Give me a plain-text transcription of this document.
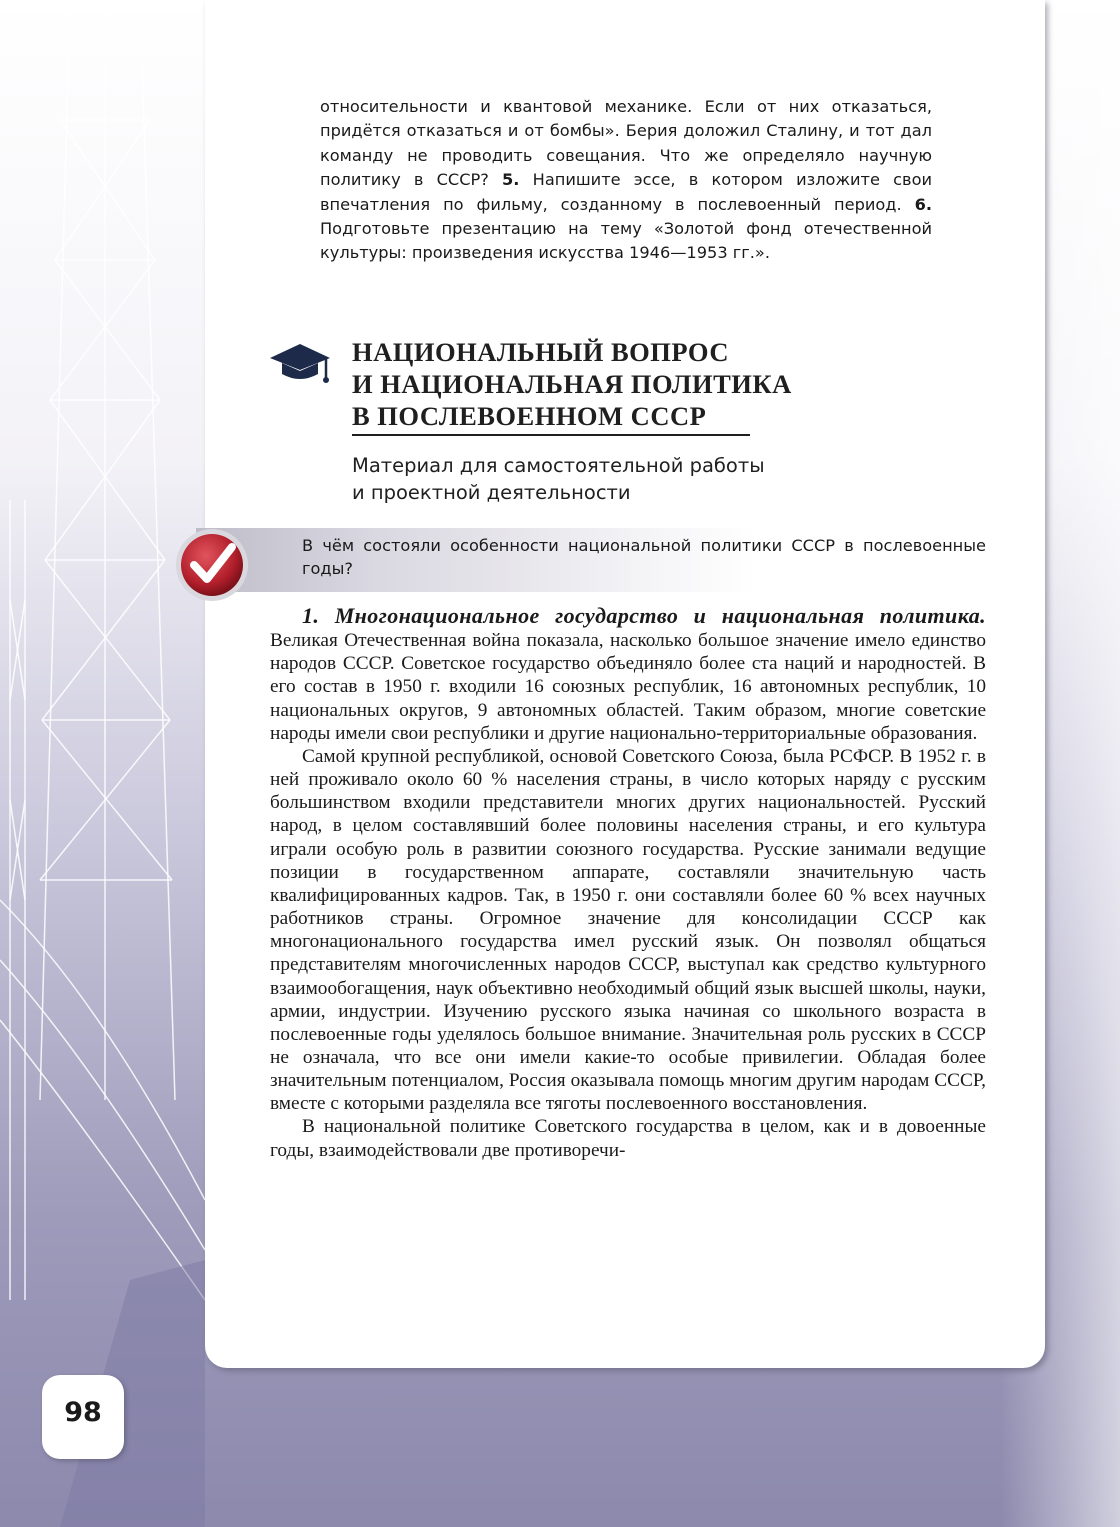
относительности и квантовой механике. Если от них отказаться, придётся отказаться и от бомбы». Берия доложил Сталину, и тот дал команду не проводить совещания. Что же определяло научную политику в СССР? 5. Напишите эссе, в котором изложите свои впечатления по фильму, созданному в послевоенный период. 6. Подготовьте презентацию на тему «Золотой фонд отечественной культуры: произведения искусства 1946—1953 гг.».

НАЦИОНАЛЬНЫЙ ВОПРОС
И НАЦИОНАЛЬНАЯ ПОЛИТИКА
В ПОСЛЕВОЕННОМ СССР

Материал для самостоятельной работы
и проектной деятельности

В чём состояли особенности национальной политики СССР в послевоенные годы?

1. Многонациональное государство и национальная политика. Великая Отечественная война показала, насколько большое значение имело единство народов СССР. Советское государство объединяло более ста наций и народностей. В его состав в 1950 г. входили 16 союзных республик, 16 автономных республик, 10 национальных округов, 9 автономных областей. Таким образом, многие советские народы имели свои республики и другие национально-территориальные образования.

Самой крупной республикой, основой Советского Союза, была РСФСР. В 1952 г. в ней проживало около 60 % населения страны, в число которых наряду с русским большинством входили представители многих других национальностей. Русский народ, в целом составлявший более половины населения страны, и его культура играли особую роль в развитии союзного государства. Русские занимали ведущие позиции в государственном аппарате, составляли значительную часть квалифицированных кадров. Так, в 1950 г. они составляли более 60 % всех научных работников страны. Огромное значение для консолидации СССР как многонационального государства имел русский язык. Он позволял общаться представителям многочисленных народов СССР, выступал как средство культурного взаимообогащения, наук объективно необходимый общий язык высшей школы, науки, армии, индустрии. Изучению русского языка начиная со школьного возраста в послевоенные годы уделялось большое внимание. Значительная роль русских в СССР не означала, что все они имели какие-то особые привилегии. Обладая более значительным потенциалом, Россия оказывала помощь многим другим народам СССР, вместе с которыми разделяла все тяготы послевоенного восстановления.

В национальной политике Советского государства в целом, как и в довоенные годы, взаимодействовали две противоречи-

98
